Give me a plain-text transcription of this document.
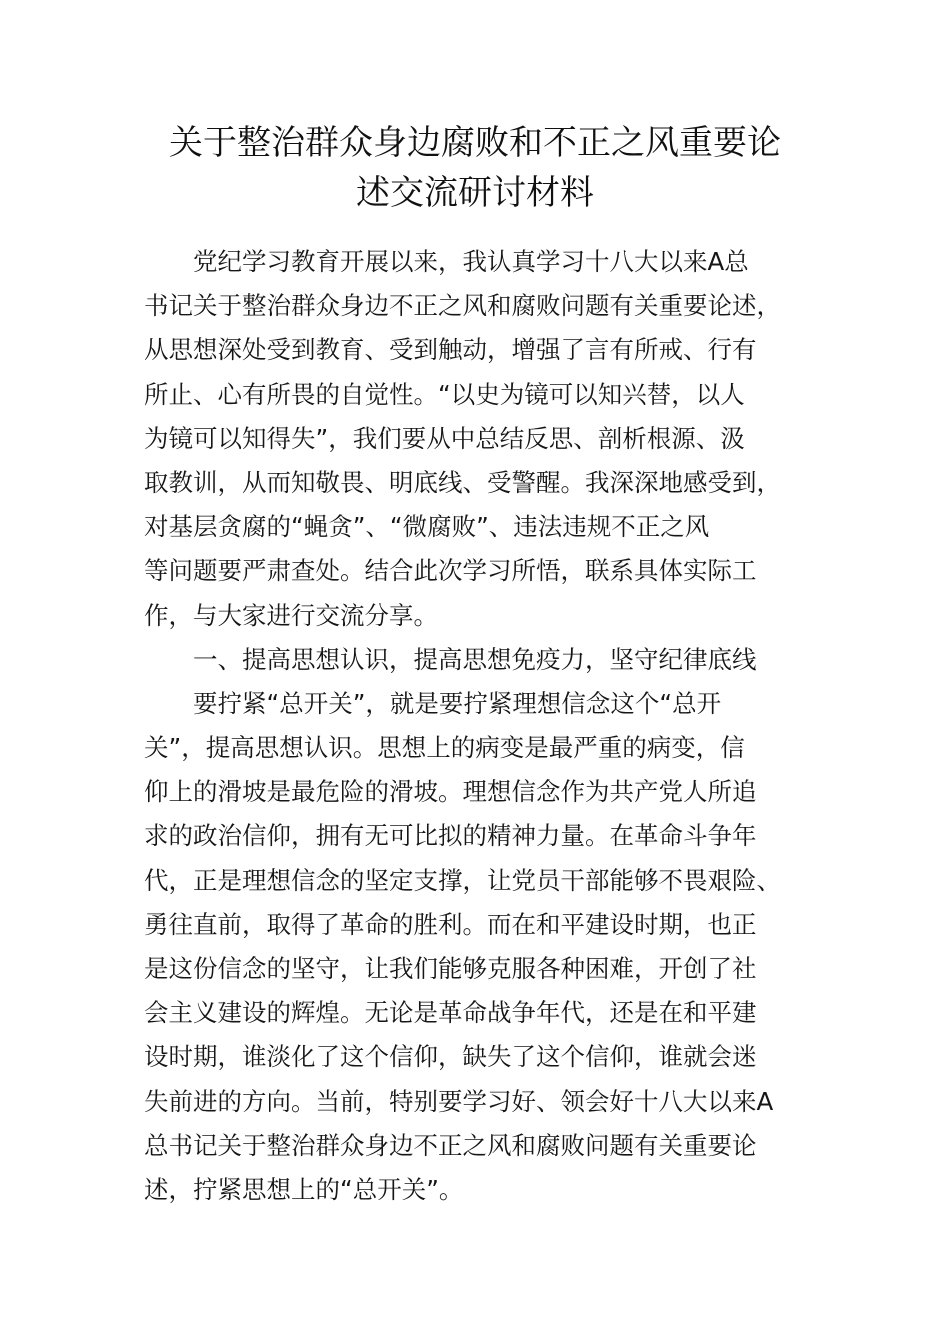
关于整治群众身边腐败和不正之风重要论
述交流研讨材料
党纪学习教育开展以来，我认真学习十八大以来A总
书记关于整治群众身边不正之风和腐败问题有关重要论述，
从思想深处受到教育、受到触动，增强了言有所戒、行有
所止、心有所畏的自觉性。“以史为镜可以知兴替，以人
为镜可以知得失”，我们要从中总结反思、剖析根源、汲
取教训，从而知敬畏、明底线、受警醒。我深深地感受到，
对基层贪腐的“蝇贪”、“微腐败”、违法违规不正之风
等问题要严肃查处。结合此次学习所悟，联系具体实际工
作，与大家进行交流分享。
一、提高思想认识，提高思想免疫力，坚守纪律底线
要拧紧“总开关”，就是要拧紧理想信念这个“总开
关”，提高思想认识。思想上的病变是最严重的病变，信
仰上的滑坡是最危险的滑坡。理想信念作为共产党人所追
求的政治信仰，拥有无可比拟的精神力量。在革命斗争年
代，正是理想信念的坚定支撑，让党员干部能够不畏艰险、
勇往直前，取得了革命的胜利。而在和平建设时期，也正
是这份信念的坚守，让我们能够克服各种困难，开创了社
会主义建设的辉煌。无论是革命战争年代，还是在和平建
设时期，谁淡化了这个信仰，缺失了这个信仰，谁就会迷
失前进的方向。当前，特别要学习好、领会好十八大以来A
总书记关于整治群众身边不正之风和腐败问题有关重要论
述，拧紧思想上的“总开关”。
